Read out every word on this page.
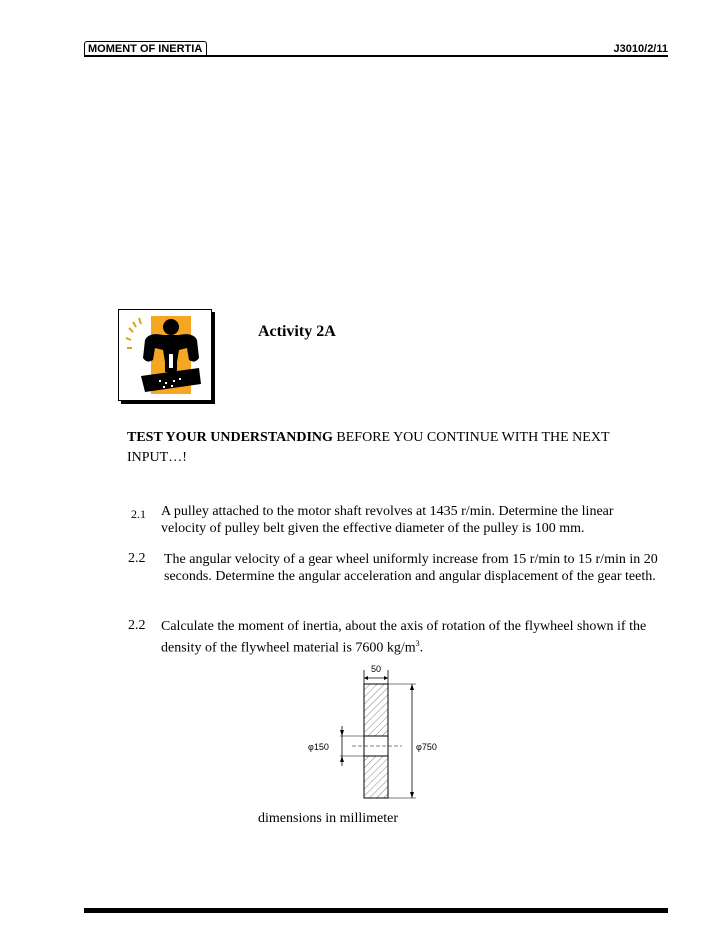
MOMENT OF INERTIA	J3010/2/11
Activity 2A
TEST YOUR UNDERSTANDING BEFORE YOU CONTINUE WITH THE NEXT INPUT…!
2.1 A pulley attached to the motor shaft revolves at 1435 r/min. Determine the linear velocity of pulley belt given the effective diameter of the pulley is 100 mm.
2.2 The angular velocity of a gear wheel uniformly increase from 15 r/min to 15 r/min in 20 seconds. Determine the angular acceleration and angular displacement of the gear teeth.
2.2 Calculate the moment of inertia, about the axis of rotation of the flywheel shown if the density of the flywheel material is 7600 $kg/m^3$.
50
φ150	φ750
dimensions in millimeter
